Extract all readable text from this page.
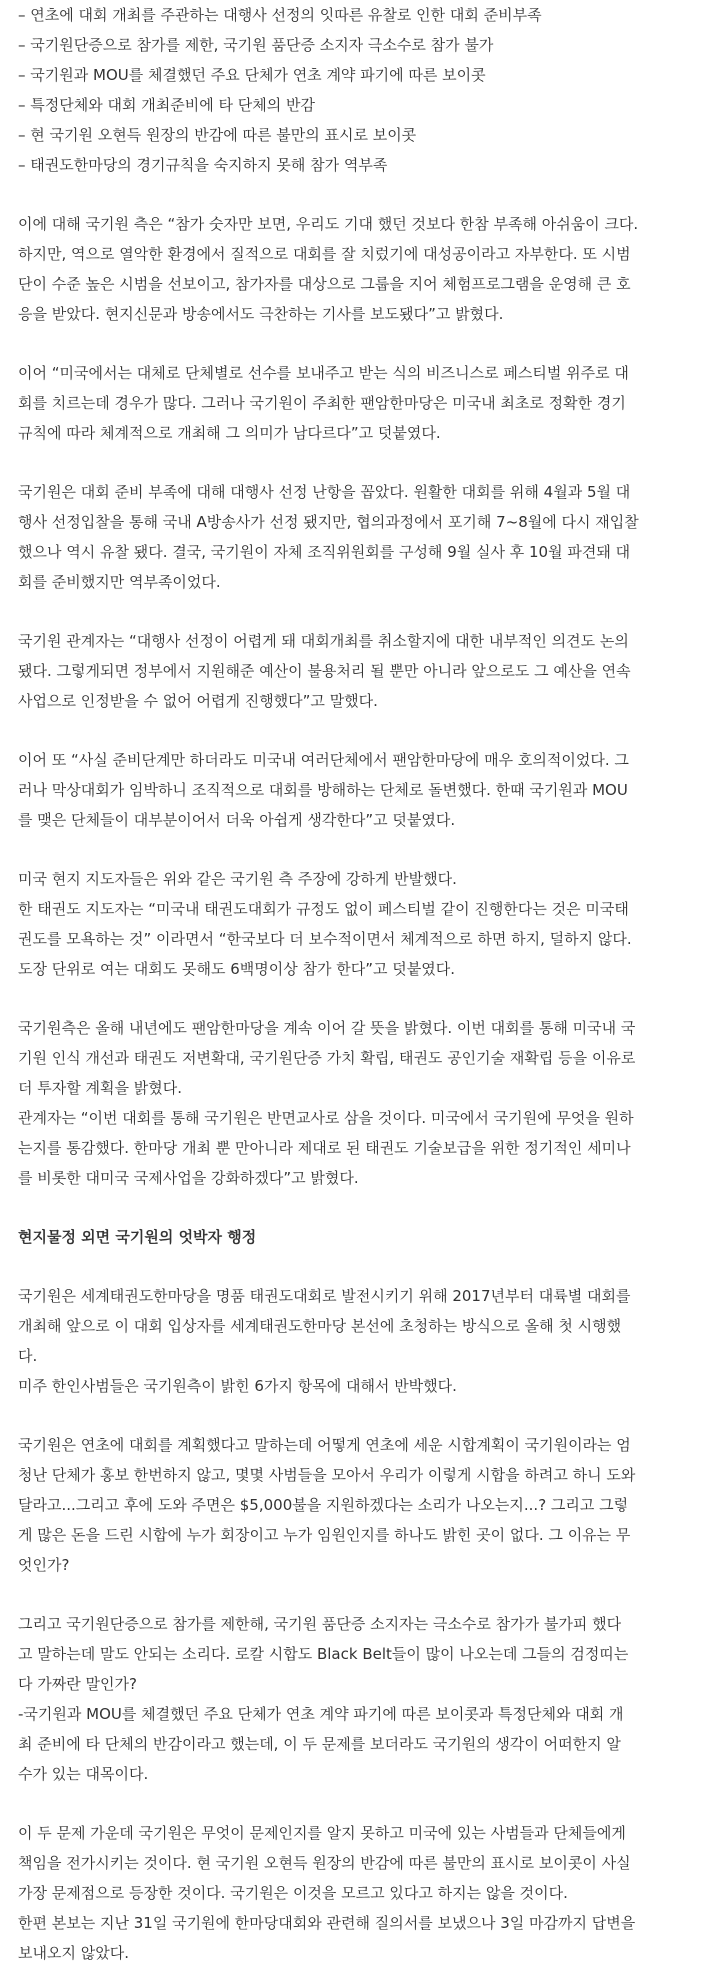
– 연초에 대회 개최를 주관하는 대행사 선정의 잇따른 유찰로 인한 대회 준비부족
– 국기원단증으로 참가를 제한, 국기원 품단증 소지자 극소수로 참가 불가
– 국기원과 MOU를 체결했던 주요 단체가 연초 계약 파기에 따른 보이콧
– 특정단체와 대회 개최준비에 타 단체의 반감
– 현 국기원 오현득 원장의 반감에 따른 불만의 표시로 보이콧
– 태권도한마당의 경기규칙을 숙지하지 못해 참가 역부족
이에 대해 국기원 측은 “참가 숫자만 보면, 우리도 기대 했던 것보다 한참 부족해 아쉬움이 크다.
하지만, 역으로 열악한 환경에서 질적으로 대회를 잘 치렀기에 대성공이라고 자부한다. 또 시범
단이 수준 높은 시범을 선보이고, 참가자를 대상으로 그룹을 지어 체험프로그램을 운영해 큰 호
응을 받았다. 현지신문과 방송에서도 극찬하는 기사를 보도됐다”고 밝혔다.
이어 “미국에서는 대체로 단체별로 선수를 보내주고 받는 식의 비즈니스로 페스티벌 위주로 대
회를 치르는데 경우가 많다. 그러나 국기원이 주최한 팬암한마당은 미국내 최초로 정확한 경기
규칙에 따라 체계적으로 개최해 그 의미가 남다르다”고 덧붙였다.
국기원은 대회 준비 부족에 대해 대행사 선정 난항을 꼽았다. 원활한 대회를 위해 4월과 5월 대
행사 선정입찰을 통해 국내 A방송사가 선정 됐지만, 협의과정에서 포기해 7~8월에 다시 재입찰
했으나 역시 유찰 됐다. 결국, 국기원이 자체 조직위원회를 구성해 9월 실사 후 10월 파견돼 대
회를 준비했지만 역부족이었다.
국기원 관계자는 “대행사 선정이 어렵게 돼 대회개최를 취소할지에 대한 내부적인 의견도 논의
됐다. 그렇게되면 정부에서 지원해준 예산이 불용처리 될 뿐만 아니라 앞으로도 그 예산을 연속
사업으로 인정받을 수 없어 어렵게 진행했다”고 말했다.
이어 또 “사실 준비단계만 하더라도 미국내 여러단체에서 팬암한마당에 매우 호의적이었다. 그
러나 막상대회가 임박하니 조직적으로 대회를 방해하는 단체로 돌변했다. 한때 국기원과 MOU
를 맺은 단체들이 대부분이어서 더욱 아쉽게 생각한다”고 덧붙였다.
미국 현지 지도자들은 위와 같은 국기원 측 주장에 강하게 반발했다.
한 태권도 지도자는 “미국내 태권도대회가 규정도 없이 페스티벌 같이 진행한다는 것은 미국태
권도를 모욕하는 것” 이라면서 “한국보다 더 보수적이면서 체계적으로 하면 하지, 덜하지 않다.
도장 단위로 여는 대회도 못해도 6백명이상 참가 한다”고 덧붙였다.
국기원측은 올해 내년에도 팬암한마당을 계속 이어 갈 뜻을 밝혔다. 이번 대회를 통해 미국내 국
기원 인식 개선과 태권도 저변확대, 국기원단증 가치 확립, 태권도 공인기술 재확립 등을 이유로
더 투자할 계획을 밝혔다.
관계자는 “이번 대회를 통해 국기원은 반면교사로 삼을 것이다. 미국에서 국기원에 무엇을 원하
는지를 통감했다. 한마당 개최 뿐 만아니라 제대로 된 태권도 기술보급을 위한 정기적인 세미나
를 비롯한 대미국 국제사업을 강화하겠다”고 밝혔다.
현지물정 외면 국기원의 엇박자 행정
국기원은 세계태권도한마당을 명품 태권도대회로 발전시키기 위해 2017년부터 대륙별 대회를
개최해 앞으로 이 대회 입상자를 세계태권도한마당 본선에 초청하는 방식으로 올해 첫 시행했
다.
미주 한인사범들은 국기원측이 밝힌 6가지 항목에 대해서 반박했다.
국기원은 연초에 대회를 계획했다고 말하는데 어떻게 연초에 세운 시합계획이 국기원이라는 엄
청난 단체가 홍보 한번하지 않고, 몇몇 사범들을 모아서 우리가 이렇게 시합을 하려고 하니 도와
달라고...그리고 후에 도와 주면은 $5,000불을 지원하겠다는 소리가 나오는지...? 그리고 그렇
게 많은 돈을 드린 시합에 누가 회장이고 누가 임원인지를 하나도 밝힌 곳이 없다. 그 이유는 무
엇인가?
그리고 국기원단증으로 참가를 제한해, 국기원 품단증 소지자는 극소수로 참가가 불가피 했다
고 말하는데 말도 안되는 소리다. 로칼 시합도 Black Belt들이 많이 나오는데 그들의 검정띠는
다 가짜란 말인가?
-국기원과 MOU를 체결했던 주요 단체가 연초 계약 파기에 따른 보이콧과 특정단체와 대회 개
최 준비에 타 단체의 반감이라고 했는데, 이 두 문제를 보더라도 국기원의 생각이 어떠한지 알
수가 있는 대목이다.
이 두 문제 가운데 국기원은 무엇이 문제인지를 알지 못하고 미국에 있는 사범들과 단체들에게
책임을 전가시키는 것이다. 현 국기원 오현득 원장의 반감에 따른 불만의 표시로 보이콧이 사실
가장 문제점으로 등장한 것이다. 국기원은 이것을 모르고 있다고 하지는 않을 것이다.
한편 본보는 지난 31일 국기원에 한마당대회와 관련해 질의서를 보냈으나 3일 마감까지 답변을
보내오지 않았다.
